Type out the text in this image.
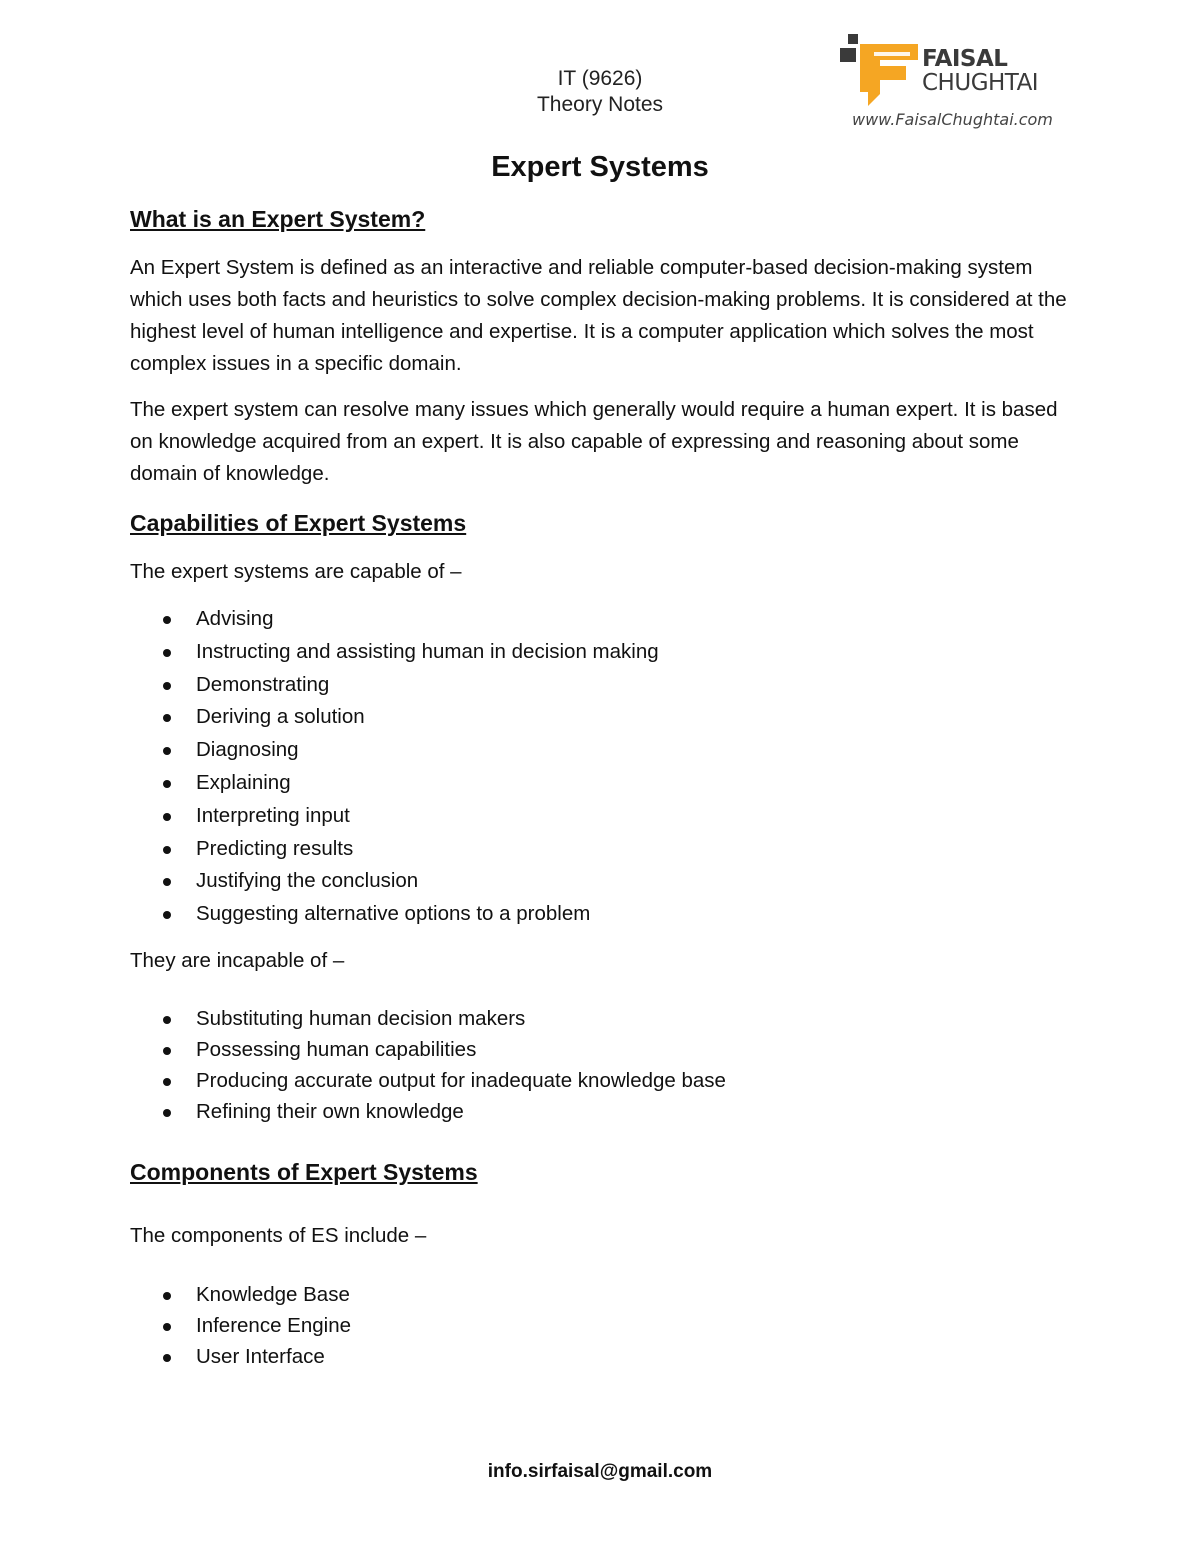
IT (9626)
Theory Notes
FAISAL
CHUGHTAI
www.FaisalChughtai.com
Expert Systems
What is an Expert System?

An Expert System is defined as an interactive and reliable computer-based decision-making system which uses both facts and heuristics to solve complex decision-making problems. It is considered at the highest level of human intelligence and expertise. It is a computer application which solves the most complex issues in a specific domain.

The expert system can resolve many issues which generally would require a human expert. It is based on knowledge acquired from an expert. It is also capable of expressing and reasoning about some domain of knowledge.

Capabilities of Expert Systems

The expert systems are capable of –

Advising
Instructing and assisting human in decision making
Demonstrating
Deriving a solution
Diagnosing
Explaining
Interpreting input
Predicting results
Justifying the conclusion
Suggesting alternative options to a problem

They are incapable of –

Substituting human decision makers
Possessing human capabilities
Producing accurate output for inadequate knowledge base
Refining their own knowledge
Components of Expert Systems

The components of ES include –

Knowledge Base
Inference Engine
User Interface
info.sirfaisal@gmail.com
